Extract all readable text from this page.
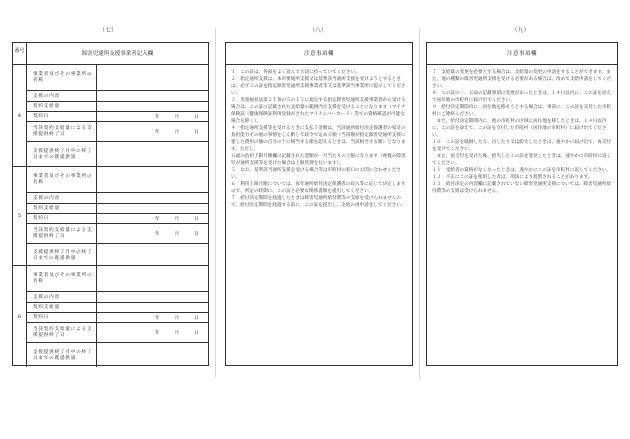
（七）	（八）	（九）
番号	障害児通所支援事業者記入欄
4
事業者及びその事業所の名称
支援の内容
契約支給量
契約日	年	月	日
当該契約支給量による支援提供終了日	年	月	日
支援提供終了月中の終了日までの既提供量
5
事業者及びその事業所の名称
支援の内容
契約支給量
契約日	年	月	日
当該契約支給量による支援提供終了日	年	月	日
支援提供終了月中の終了日までの既提供量
6
事業者及びその事業所の名称
支援の内容
契約支給量
契約日	年	月	日
当該契約支給量による支援提供終了日	年	月	日
支援提供終了月中の終了日までの既提供量
注意事項欄

１　この証は、各面をよく読んで大切に持っていてください。

２　指定通所支援は、本市要通所支援又は基準該当通所支援を受けようとするときは、必ずこの証を指定障害児通所支援事業者等又は基準該当事業所に提示してください。

３　児童福祉法第２１条の５の１５に規定する指定障害児通所支援事業者から受ける場合は、この証に記載された支給量の範囲内で支援を受けることになります（マイナ保険証（健康保険証利用登録がされたマイナンバーカード）等での資格確認が可能な場合を除く）。

４　指定通所支援等を受けるときに支払う金額は、当該通所給付決定保護者の家計の負担能力その他の事情をしん酌して政令で定める額（当該額が指定障害児通所支援に要した費用の額の百分の十に相当する額を超えるときは、当該相当する額）となります。ただし、

五歳の負担上限月額欄に記載された金額が一月当たりの上限になります（複数の障害児が通所支援等を受けた場合は上限管理を行います）。

５　なお、基準該当通所支援を受ける場合等は市町村の窓口にお問い合わせください。

６　利用上限月額については、毎年通所給付決定保護者の収入等に応じて決定しますので、所定の時期に、この証と必要な関係書類を提出してください。

７　給付決定期間を経過したときは障害児通所給付費等の支給を受けられませんので、給付決定期間を経過する前に、この証を提出し、支給の再申請をしてください。

注意事項欄

７　支給量の変更を必要とする場合は、支給量の変更の申請をすることができます。また、他の種類の障害児通所支援を受ける必要がある場合は、改めて支給申請をしてください。

８　この証の一、五面の記載事項に変更があったときは、１４日以内に、この証を添えて居住地の市町村に届け出てください。

９　給付決定期間内に、居住地を移そうとする場合は、事前に、この証を交付した市町村にご連絡ください。

　また、給付決定期間内に、他の市町村の区域に居住地を移したときは、１４日以内に、この証を添えて、この証を交付した市町村（居住地の市町村）に届け出てください。

１０　この証を破損したり、汚したり又は紛失したときは、速やかに届け出て、再交付を受けてください。

　また、再交付を受けた後、紛失したこの証を発見したときは、速やかに市町村に返してください。

１１　受給者の資格がなくなったときは、速やかにこの証を市町村に返してください。

１２　不正にこの証を使用した者は、刑法により処罰されることがあります。

１３　給付決定の内容欄に記載されていない障害児通所支援については、障害児通所給付費等の支給は受けられません。
